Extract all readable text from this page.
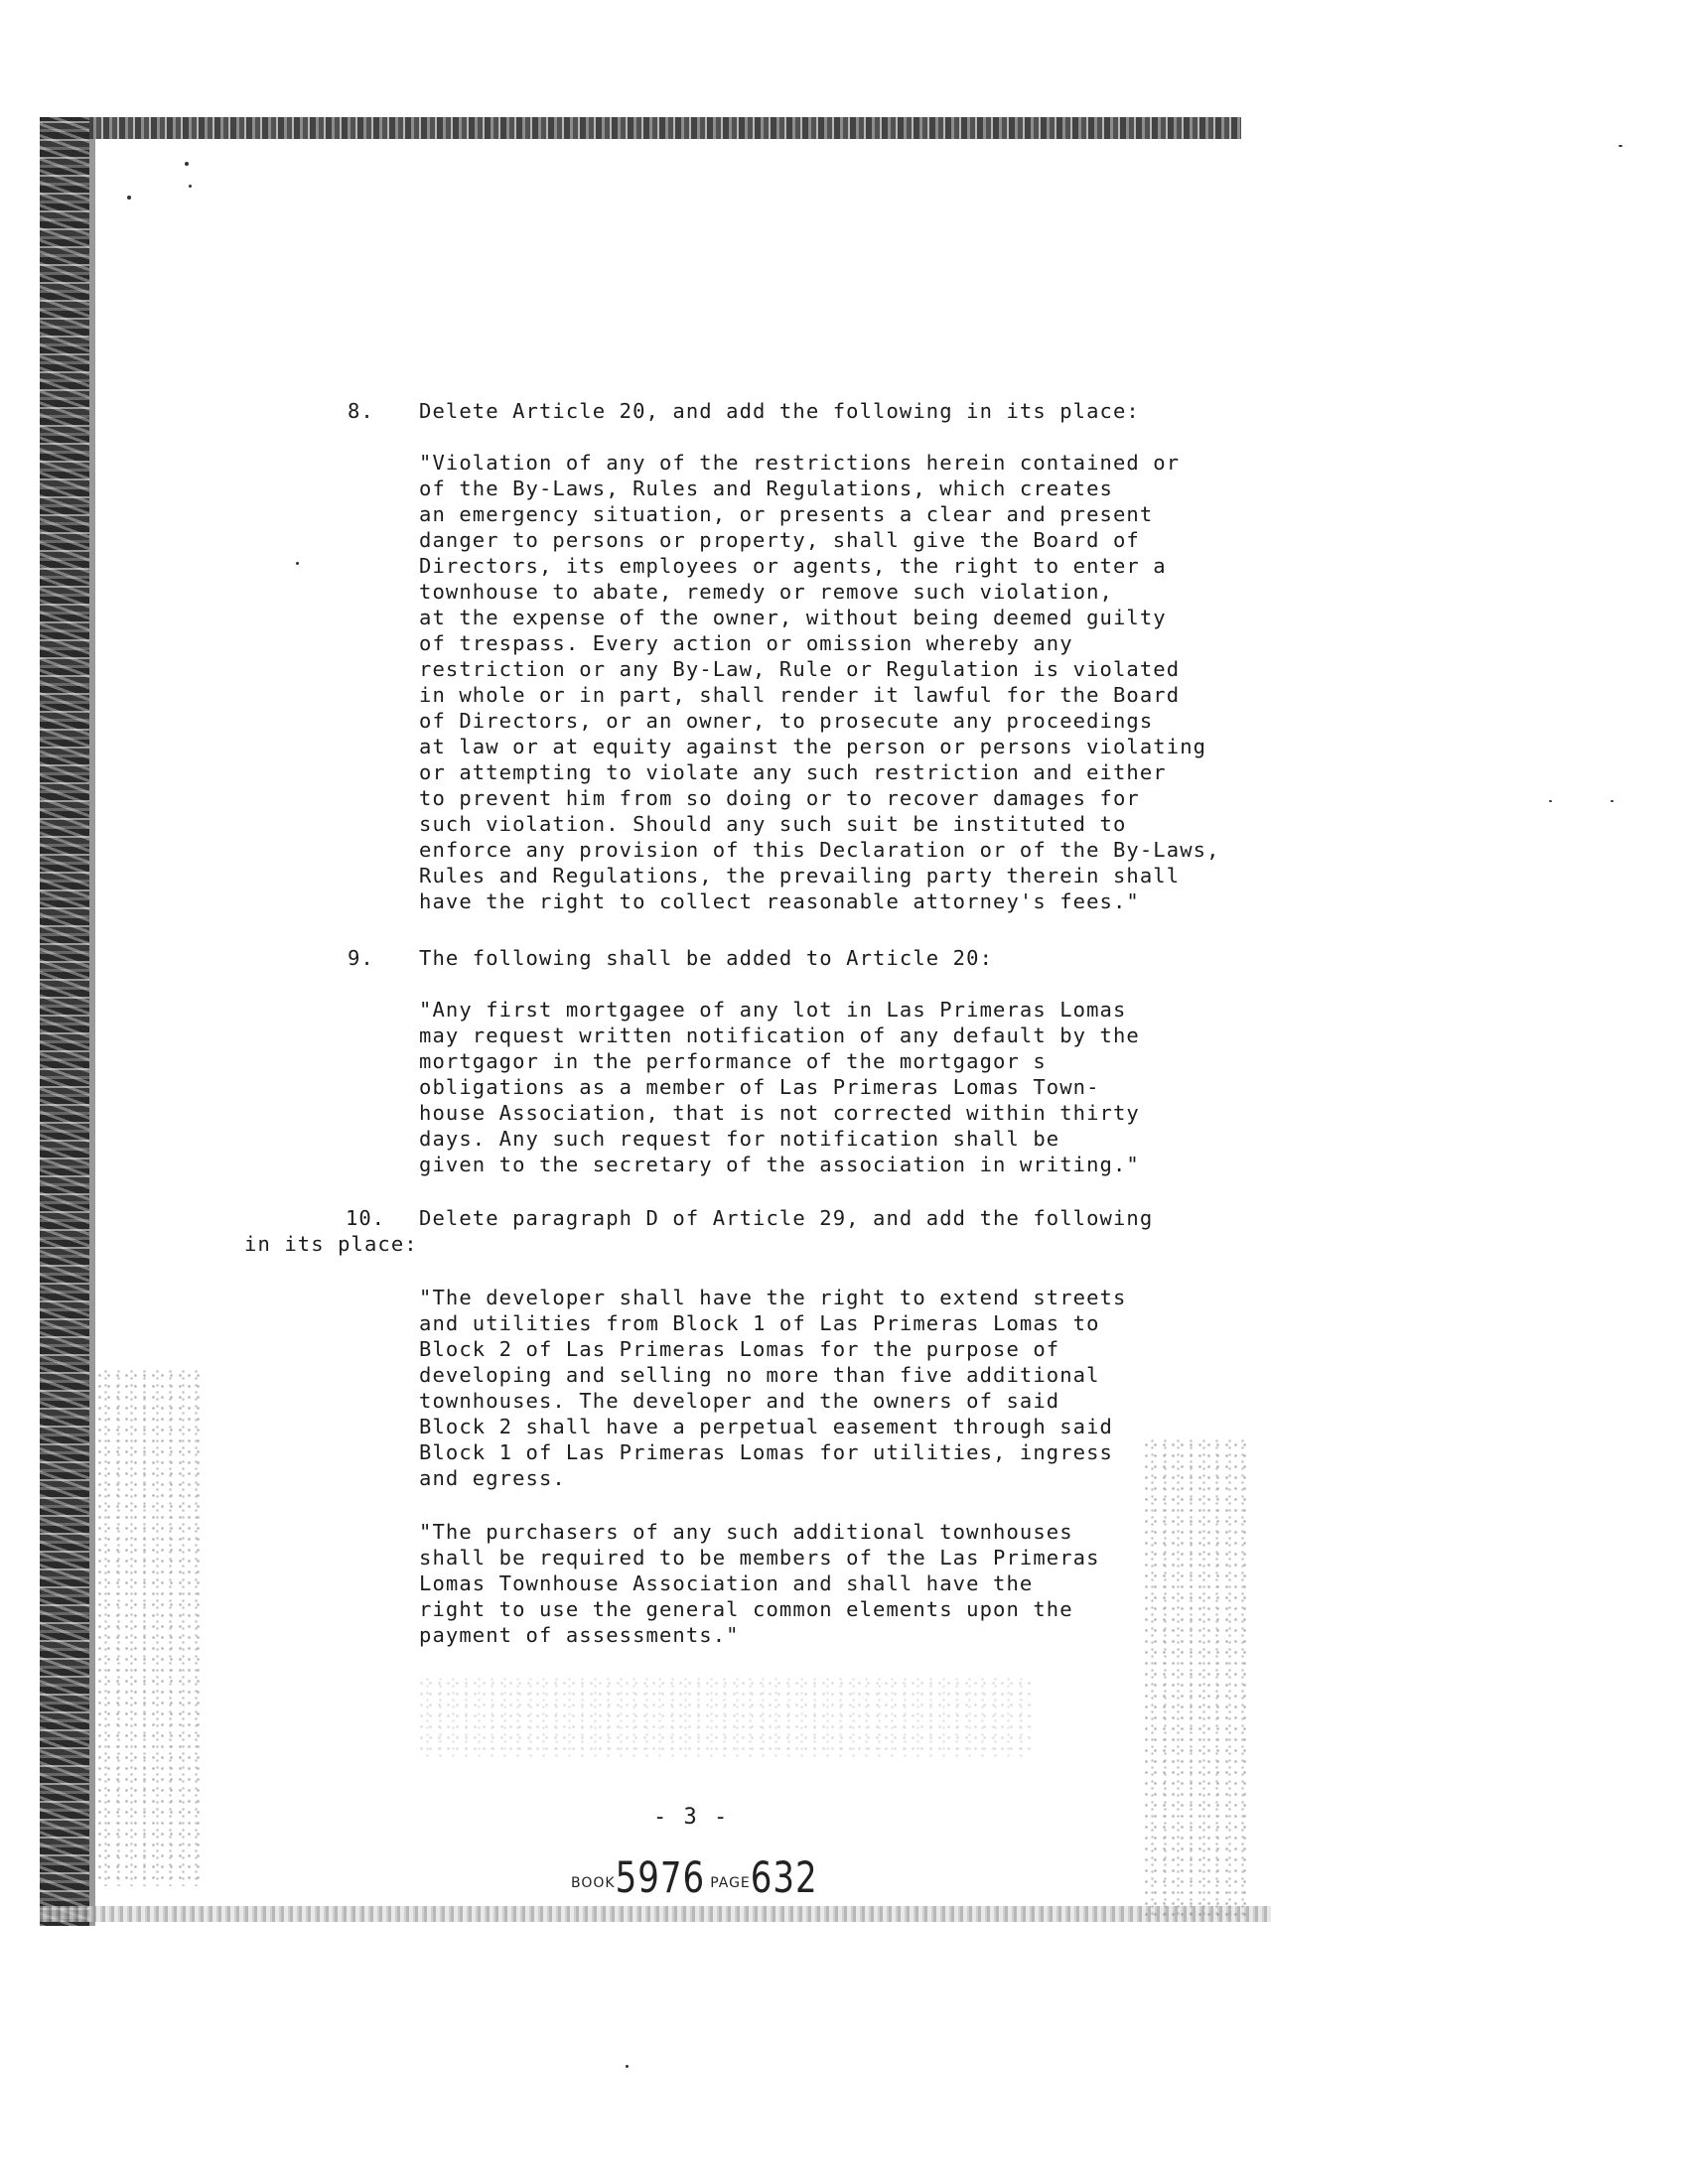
8. Delete Article 20, and add the following in its place:
"Violation of any of the restrictions herein contained or
of the By-Laws, Rules and Regulations, which creates
an emergency situation, or presents a clear and present
danger to persons or property, shall give the Board of
Directors, its employees or agents, the right to enter a
townhouse to abate, remedy or remove such violation,
at the expense of the owner, without being deemed guilty
of trespass. Every action or omission whereby any
restriction or any By-Law, Rule or Regulation is violated
in whole or in part, shall render it lawful for the Board
of Directors, or an owner, to prosecute any proceedings
at law or at equity against the person or persons violating
or attempting to violate any such restriction and either
to prevent him from so doing or to recover damages for
such violation. Should any such suit be instituted to
enforce any provision of this Declaration or of the By-Laws,
Rules and Regulations, the prevailing party therein shall
have the right to collect reasonable attorney's fees."
9. The following shall be added to Article 20:
"Any first mortgagee of any lot in Las Primeras Lomas
may request written notification of any default by the
mortgagor in the performance of the mortgagor s
obligations as a member of Las Primeras Lomas Town-
house Association, that is not corrected within thirty
days. Any such request for notification shall be
given to the secretary of the association in writing."
10. Delete paragraph D of Article 29, and add the following
in its place:
"The developer shall have the right to extend streets
and utilities from Block 1 of Las Primeras Lomas to
Block 2 of Las Primeras Lomas for the purpose of
developing and selling no more than five additional
townhouses. The developer and the owners of said
Block 2 shall have a perpetual easement through said
Block 1 of Las Primeras Lomas for utilities, ingress
and egress.
"The purchasers of any such additional townhouses
shall be required to be members of the Las Primeras
Lomas Townhouse Association and shall have the
right to use the general common elements upon the
payment of assessments."
- 3 -
BOOK5976 PAGE632
